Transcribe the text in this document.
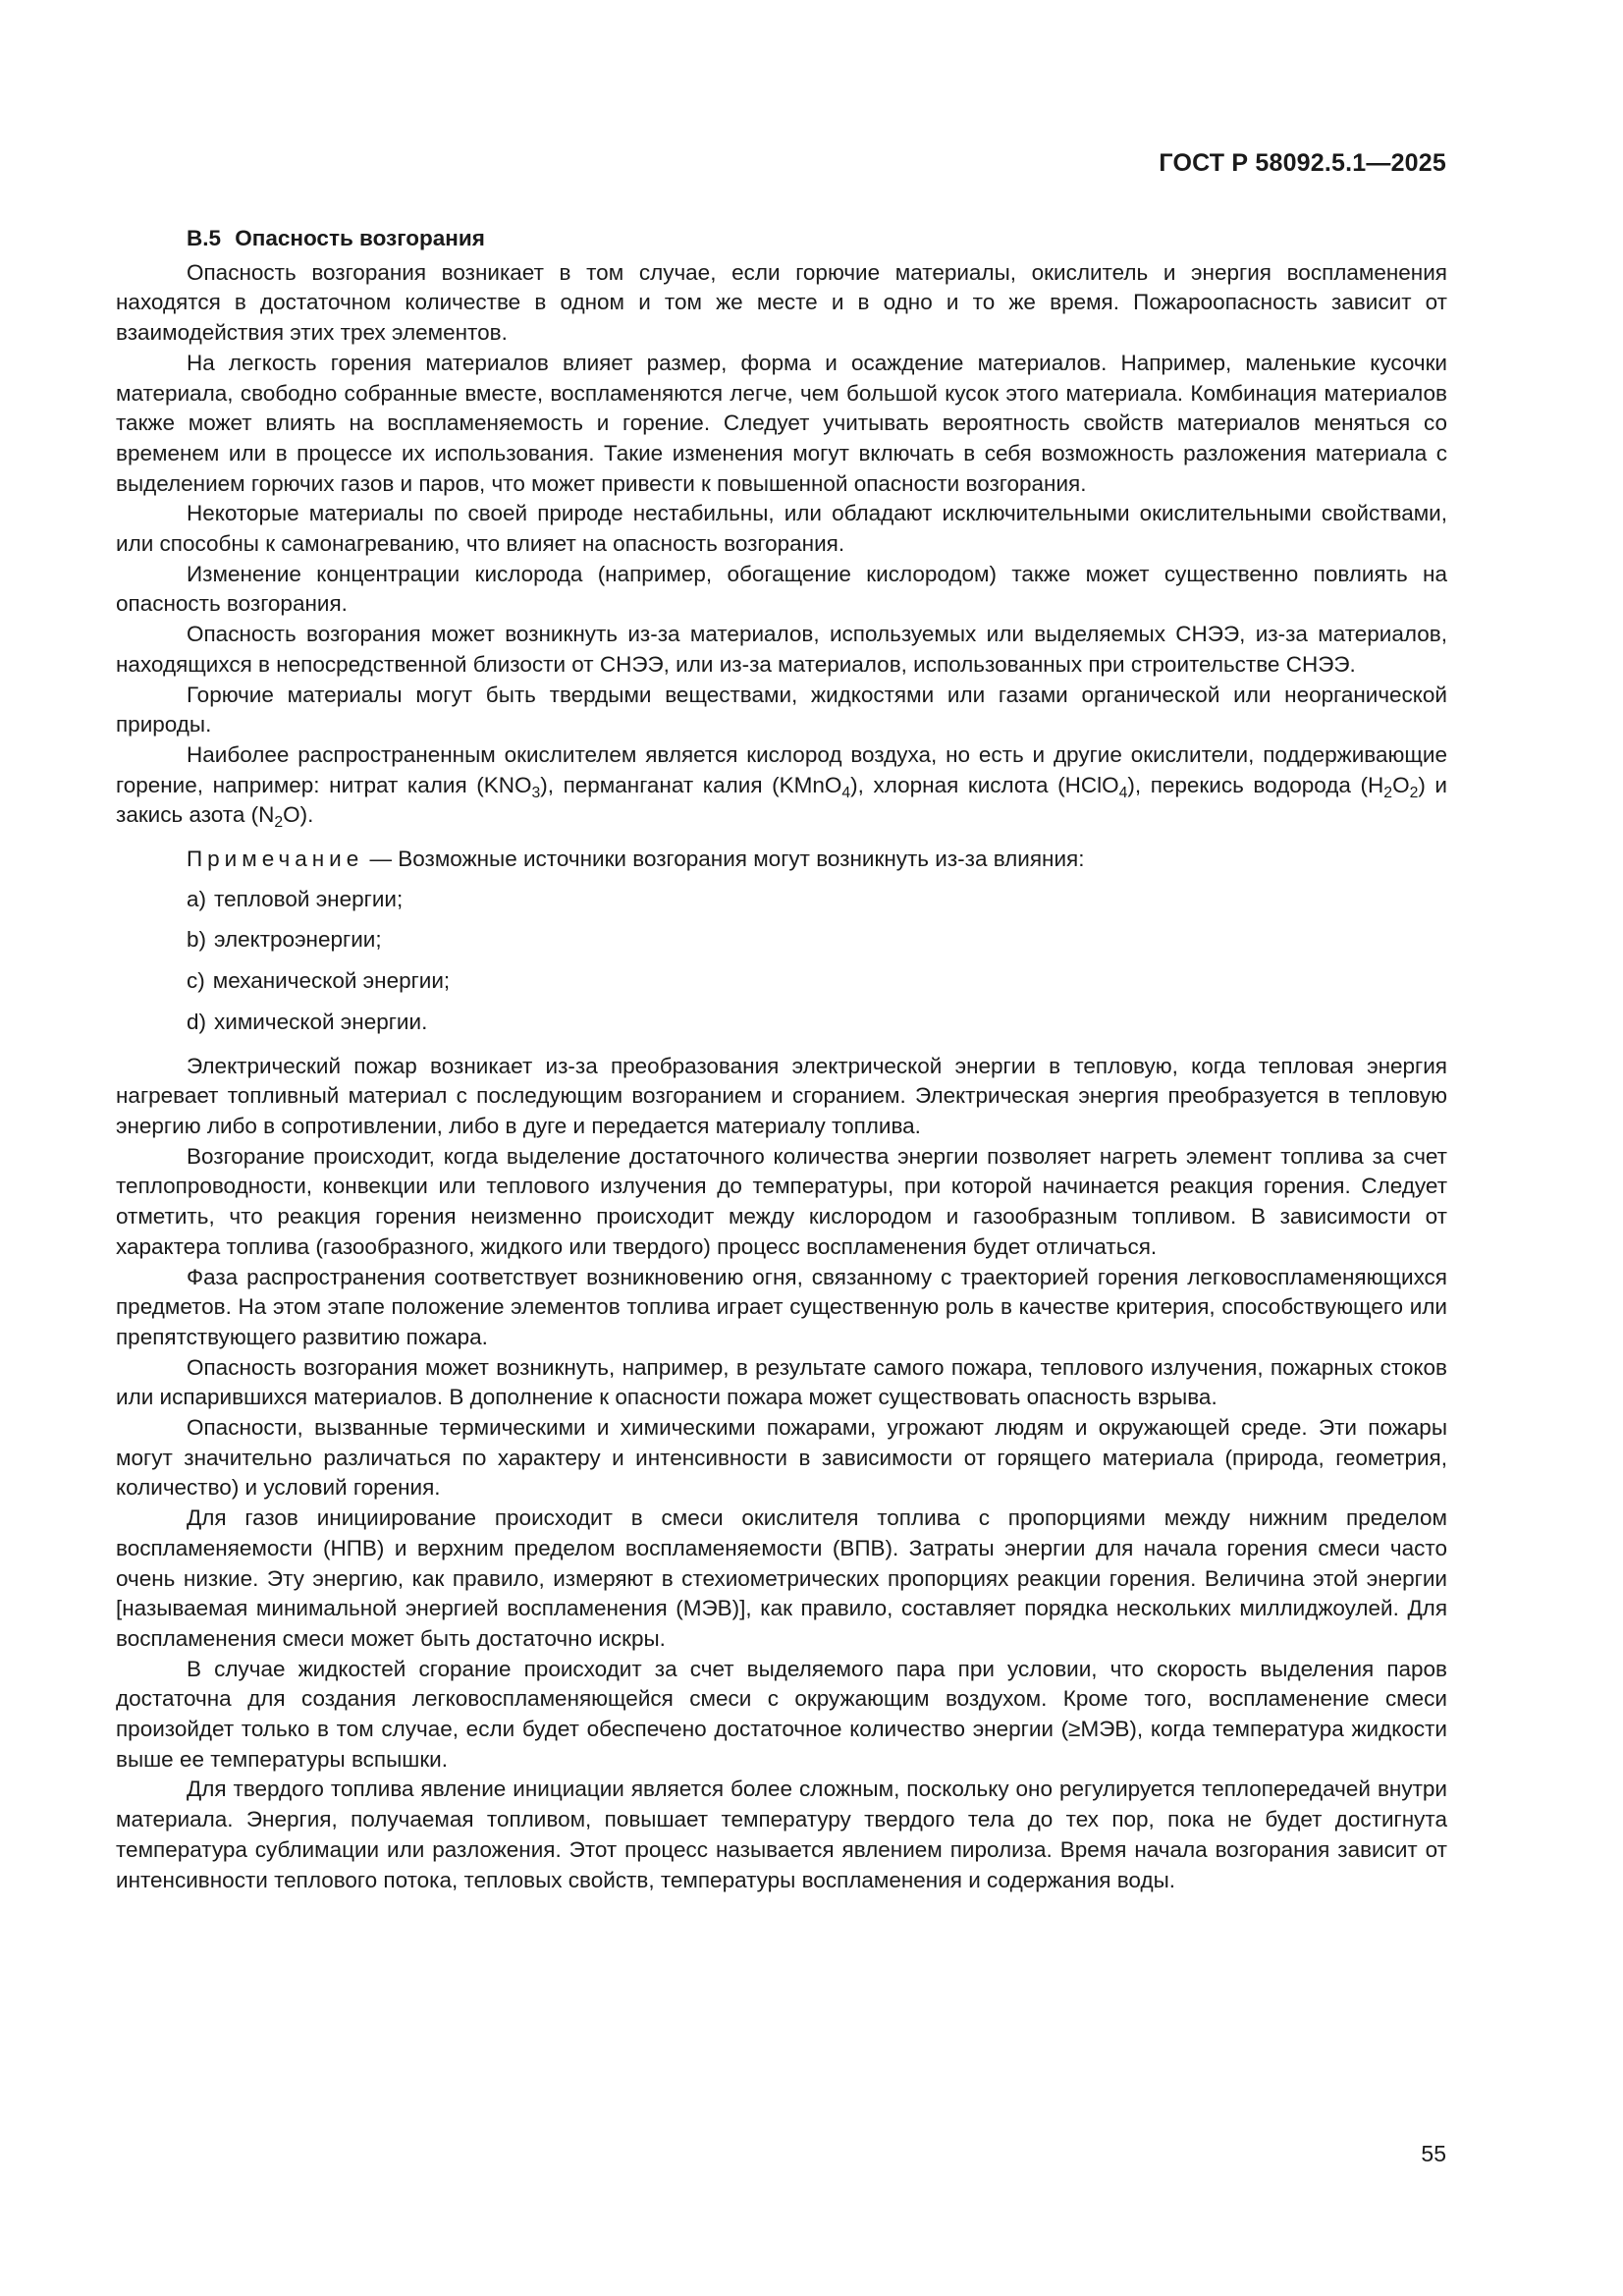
ГОСТ Р 58092.5.1—2025
B.5 Опасность возгорания

Опасность возгорания возникает в том случае, если горючие материалы, окислитель и энергия воспламенения находятся в достаточном количестве в одном и том же месте и в одно и то же время. Пожароопасность зависит от взаимодействия этих трех элементов.

На легкость горения материалов влияет размер, форма и осаждение материалов. Например, маленькие кусочки материала, свободно собранные вместе, воспламеняются легче, чем большой кусок этого материала. Комбинация материалов также может влиять на воспламеняемость и горение. Следует учитывать вероятность свойств материалов меняться со временем или в процессе их использования. Такие изменения могут включать в себя возможность разложения материала с выделением горючих газов и паров, что может привести к повышенной опасности возгорания.

Некоторые материалы по своей природе нестабильны, или обладают исключительными окислительными свойствами, или способны к самонагреванию, что влияет на опасность возгорания.

Изменение концентрации кислорода (например, обогащение кислородом) также может существенно повлиять на опасность возгорания.

Опасность возгорания может возникнуть из-за материалов, используемых или выделяемых СНЭЭ, из-за материалов, находящихся в непосредственной близости от СНЭЭ, или из-за материалов, использованных при строительстве СНЭЭ.

Горючие материалы могут быть твердыми веществами, жидкостями или газами органической или неорганической природы.

Наиболее распространенным окислителем является кислород воздуха, но есть и другие окислители, поддерживающие горение, например: нитрат калия $(KNO_3)$, перманганат калия (KMnO$_4$), хлорная кислота (HClO$_4$), перекись водорода $(H_2O_2)$ и закись азота $(N_2O)$.

Примечание — Возможные источники возгорания могут возникнуть из-за влияния:

a) тепловой энергии;
b) электроэнергии;
c) механической энергии;
d) химической энергии.

Электрический пожар возникает из-за преобразования электрической энергии в тепловую, когда тепловая энергия нагревает топливный материал с последующим возгоранием и сгоранием. Электрическая энергия преобразуется в тепловую энергию либо в сопротивлении, либо в дуге и передается материалу топлива.

Возгорание происходит, когда выделение достаточного количества энергии позволяет нагреть элемент топлива за счет теплопроводности, конвекции или теплового излучения до температуры, при которой начинается реакция горения. Следует отметить, что реакция горения неизменно происходит между кислородом и газообразным топливом. В зависимости от характера топлива (газообразного, жидкого или твердого) процесс воспламенения будет отличаться.

Фаза распространения соответствует возникновению огня, связанному с траекторией горения легковоспламеняющихся предметов. На этом этапе положение элементов топлива играет существенную роль в качестве критерия, способствующего или препятствующего развитию пожара.

Опасность возгорания может возникнуть, например, в результате самого пожара, теплового излучения, пожарных стоков или испарившихся материалов. В дополнение к опасности пожара может существовать опасность взрыва.

Опасности, вызванные термическими и химическими пожарами, угрожают людям и окружающей среде. Эти пожары могут значительно различаться по характеру и интенсивности в зависимости от горящего материала (природа, геометрия, количество) и условий горения.

Для газов инициирование происходит в смеси окислителя топлива с пропорциями между нижним пределом воспламеняемости (НПВ) и верхним пределом воспламеняемости (ВПВ). Затраты энергии для начала горения смеси часто очень низкие. Эту энергию, как правило, измеряют в стехиометрических пропорциях реакции горения. Величина этой энергии [называемая минимальной энергией воспламенения (МЭВ)], как правило, составляет порядка нескольких миллиджоулей. Для воспламенения смеси может быть достаточно искры.

В случае жидкостей сгорание происходит за счет выделяемого пара при условии, что скорость выделения паров достаточна для создания легковоспламеняющейся смеси с окружающим воздухом. Кроме того, воспламенение смеси произойдет только в том случае, если будет обеспечено достаточное количество энергии (≥МЭВ), когда температура жидкости выше ее температуры вспышки.

Для твердого топлива явление инициации является более сложным, поскольку оно регулируется теплопередачей внутри материала. Энергия, получаемая топливом, повышает температуру твердого тела до тех пор, пока не будет достигнута температура сублимации или разложения. Этот процесс называется явлением пиролиза. Время начала возгорания зависит от интенсивности теплового потока, тепловых свойств, температуры воспламенения и содержания воды.

55
